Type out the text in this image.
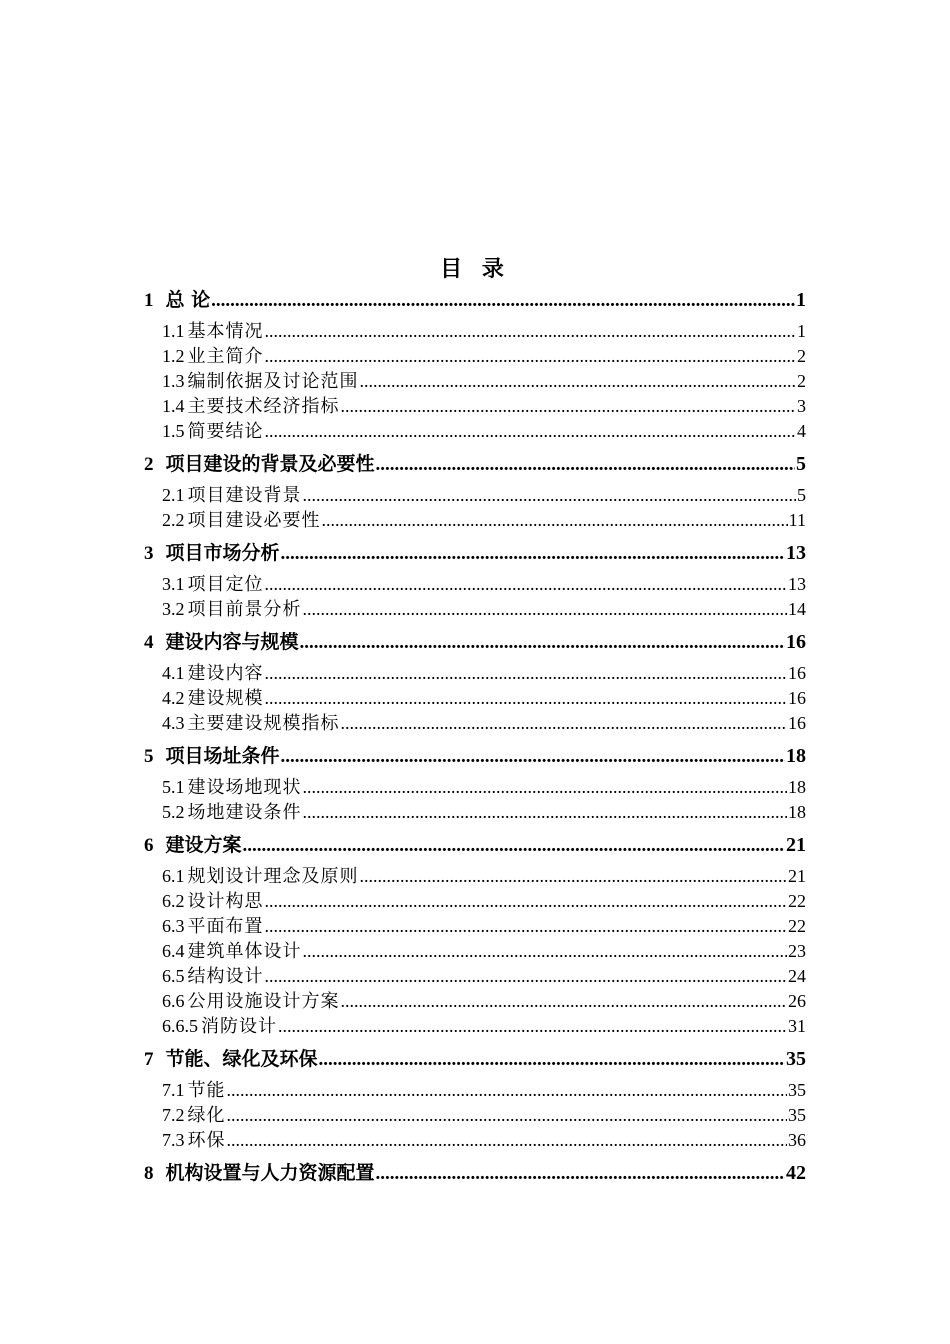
目 录
1 总 论 .....	1
1.1 基本情况 .....	1
1.2 业主简介 .....	2
1.3 编制依据及讨论范围 .....	2
1.4 主要技术经济指标 .....	3
1.5 简要结论 .....	4
2 项目建设的背景及必要性 .....	5
2.1 项目建设背景 .....	5
2.2 项目建设必要性 .....	11
3 项目市场分析 .....	13
3.1 项目定位 .....	13
3.2 项目前景分析 .....	14
4 建设内容与规模 .....	16
4.1 建设内容 .....	16
4.2 建设规模 .....	16
4.3 主要建设规模指标 .....	16
5 项目场址条件 .....	18
5.1 建设场地现状 .....	18
5.2 场地建设条件 .....	18
6 建设方案 .....	21
6.1 规划设计理念及原则 .....	21
6.2 设计构思 .....	22
6.3 平面布置 .....	22
6.4 建筑单体设计 .....	23
6.5 结构设计 .....	24
6.6 公用设施设计方案 .....	26
6.6.5 消防设计 .....	31
7 节能、绿化及环保 .....	35
7.1 节能 .....	35
7.2 绿化 .....	35
7.3 环保 .....	36
8 机构设置与人力资源配置 .....	42
